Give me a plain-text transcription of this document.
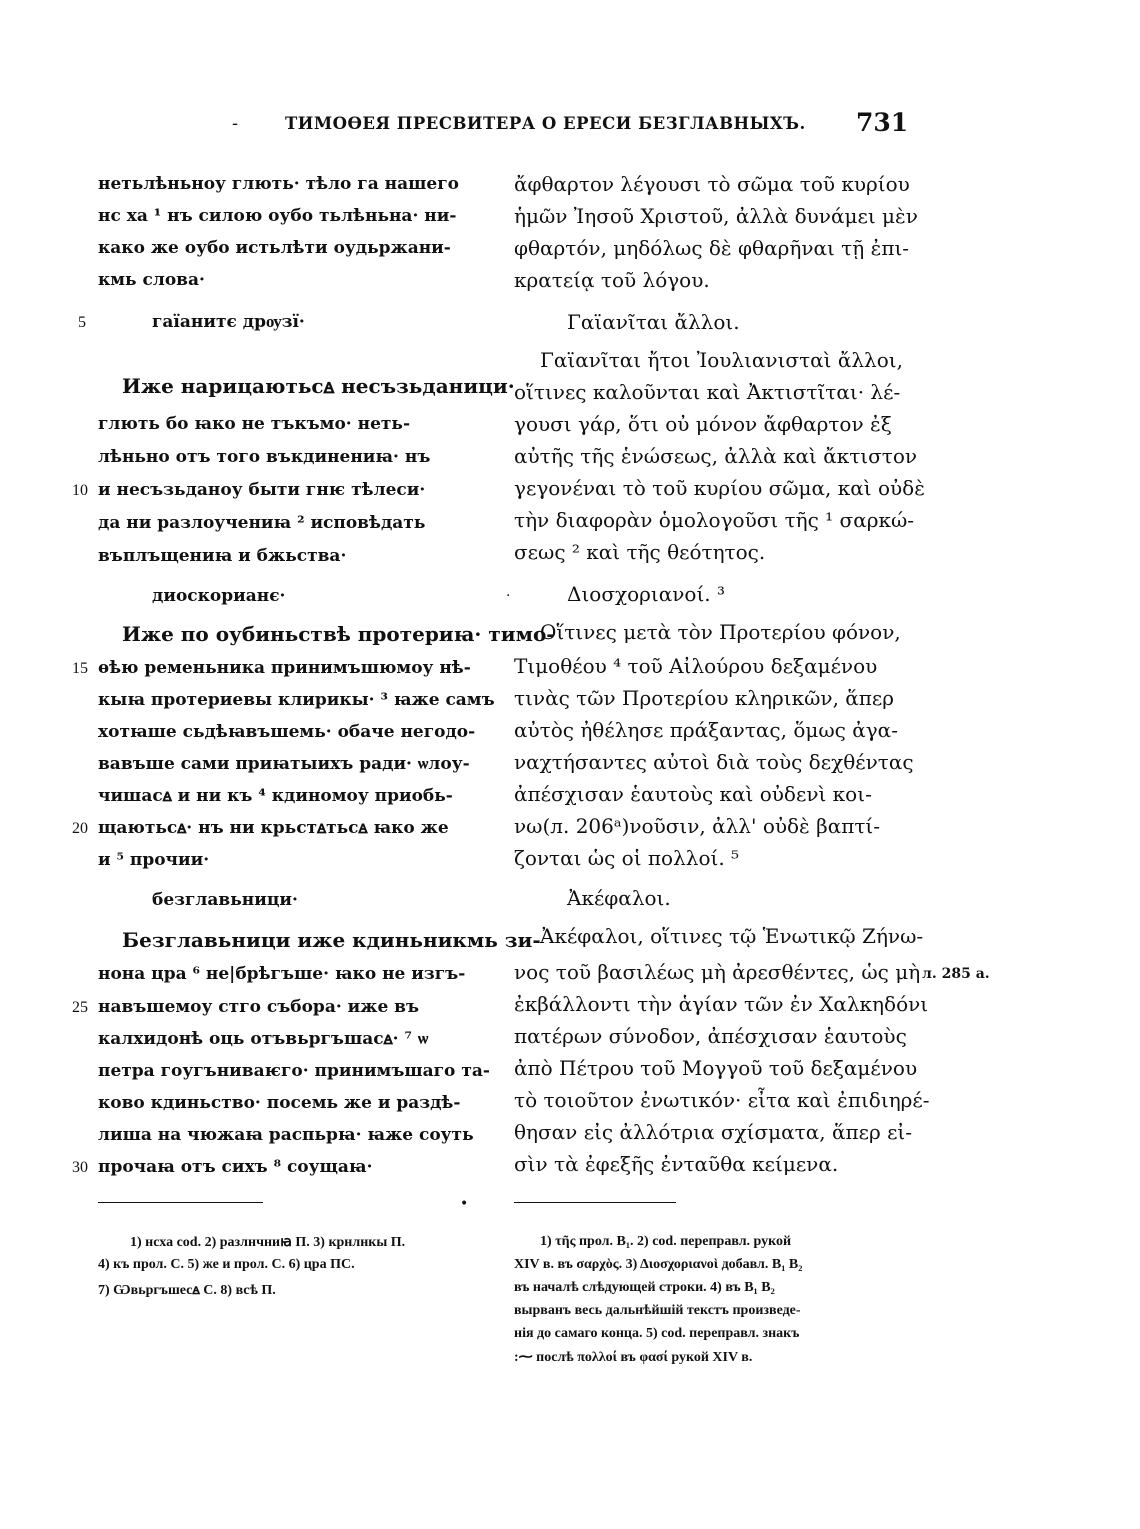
-	ТИМОѲЕЯ ПРЕСВИТЕРА О ЕРЕСИ БЕЗГЛАВНЫХЪ. 731
5
10
15
20
25
30
нетьлѣньноу глють· тѣло га нашего
нс ха ¹ нъ силою оубо тьлѣньна· ни-
како же оубо истьлѣти оудьржани-
кмь слова·
гаїанитє дрѹзї·
Иже нарицаютьсꙙ несъзьданици·
глють бо ꙗко не тъкъмо· неть-
лѣньно отъ того въкдинениꙗ· нъ
и несъзьданоу быти гнѥ тѣлеси·
да ни разлоучениꙗ ² исповѣдать
въплъщениꙗ и бжьства·
диоскорианє·
Иже по оубиньствѣ протериꙗ· тимо-
ѳѣю ременьника принимъшюмоу нѣ-
кыꙗ протериевы клирикы· ³ ꙗже самъ
хотꙗше сьдѣꙗвъшемь· обаче негодо-
вавъше сами приꙗтыихъ ради· ѡлоу-
чишасꙙ и ни къ ⁴ кдиномоу приобь-
щаютьсꙙ· нъ ни крьстꙙтьсꙙ ꙗко же
и ⁵ прочии·
безглавьници·
Безглавьници иже кдиньникмь зи-
нона цра ⁶ не|брѣгъше· ꙗко не изгъ-
навъшемоу стго събора· иже въ
калхидонѣ оць отъвьргъшасꙙ· ⁷ ѡ
петра гоугъниваѥго· принимъшаго та-
ково кдиньство· посемь же и раздѣ-
лиша на чюжаꙗ распьрꙗ· ꙗже соуть
прочаꙗ отъ сихъ ⁸ соущаꙗ·
•
1) нсха cod. 2) разлнчниꙗ П. 3) крнлнкы П.
4) къ прол. С. 5) же и прол. С. 6) цра ПС.
7) Ѡвьргъшесꙙ С. 8) всѣ П.
ἄφθαρτον λέγουσι τὸ σῶμα τοῦ κυρίου
ἡμῶν Ἰησοῦ Χριστοῦ, ἀλλὰ δυνάμει μὲν
φθαρτόν, μηδόλως δὲ φθαρῆναι τῇ ἐπι-
κρατείᾳ τοῦ λόγου.
Γαϊανῖται ἄλλοι.
Γαϊανῖται ἤτοι Ἰουλιανισταὶ ἄλλοι,
οἵτινες καλοῦνται καὶ Ἀκτιστῖται· λέ-
γουσι γάρ, ὅτι οὐ μόνον ἄφθαρτον ἐξ
αὐτῆς τῆς ἑνώσεως, ἀλλὰ καὶ ἄκτιστον
γεγονέναι τὸ τοῦ κυρίου σῶμα, καὶ οὐδὲ
τὴν διαφορὰν ὁμολογοῦσι τῆς ¹ σαρκώ-
σεως ² καὶ τῆς θεότητος.
·	Διοσχοριανοί. ³
Οἵτινες μετὰ τὸν Προτερίου φόνον,
Τιμοθέου ⁴ τοῦ Αἰλούρου δεξαμένου
τινὰς τῶν Προτερίου κληρικῶν, ἅπερ
αὐτὸς ἠθέλησε πράξαντας, ὅμως ἀγα-
ναχτήσαντες αὐτοὶ διὰ τοὺς δεχθέντας
ἀπέσχισαν ἑαυτοὺς καὶ οὐδενὶ κοι-
νω(л. 206ᵃ)νοῦσιν, ἀλλ' οὐδὲ βαπτί-
ζονται ὡς οἱ πολλοί. ⁵
Ἀκέφαλοι.
Ἀκέφαλοι, οἵτινες τῷ Ἑνωτικῷ Ζήνω-
νος τοῦ βασιλέως μὴ ἀρεσθέντες, ὡς μὴ
ἐκβάλλοντι τὴν ἁγίαν τῶν ἐν Χαλκηδόνι
πατέρων σύνοδον, ἀπέσχισαν ἑαυτοὺς
ἀπὸ Πέτρου τοῦ Μογγοῦ τοῦ δεξαμένου
τὸ τοιοῦτον ἐνωτικόν· εἶτα καὶ ἐπιδιηρέ-
θησαν εἰς ἀλλότρια σχίσματα, ἅπερ εἰ-
σὶν τὰ ἐφεξῆς ἐνταῦθα κείμενα.
л. 285 а.
1) τῆς прол. B₁. 2) cod. переправл. рукой
XIV в. въ σαρχὸς. 3) Διοσχοριανοὶ добавл. B₁ B₂
въ началѣ слѣдующей строки. 4) въ B₁ B₂
вырванъ весь дальнѣйшій текстъ произведе-
нія до самаго конца. 5) cod. переправл. знакъ
:⁓ послѣ πολλοί въ φασί рукой XIV в.
